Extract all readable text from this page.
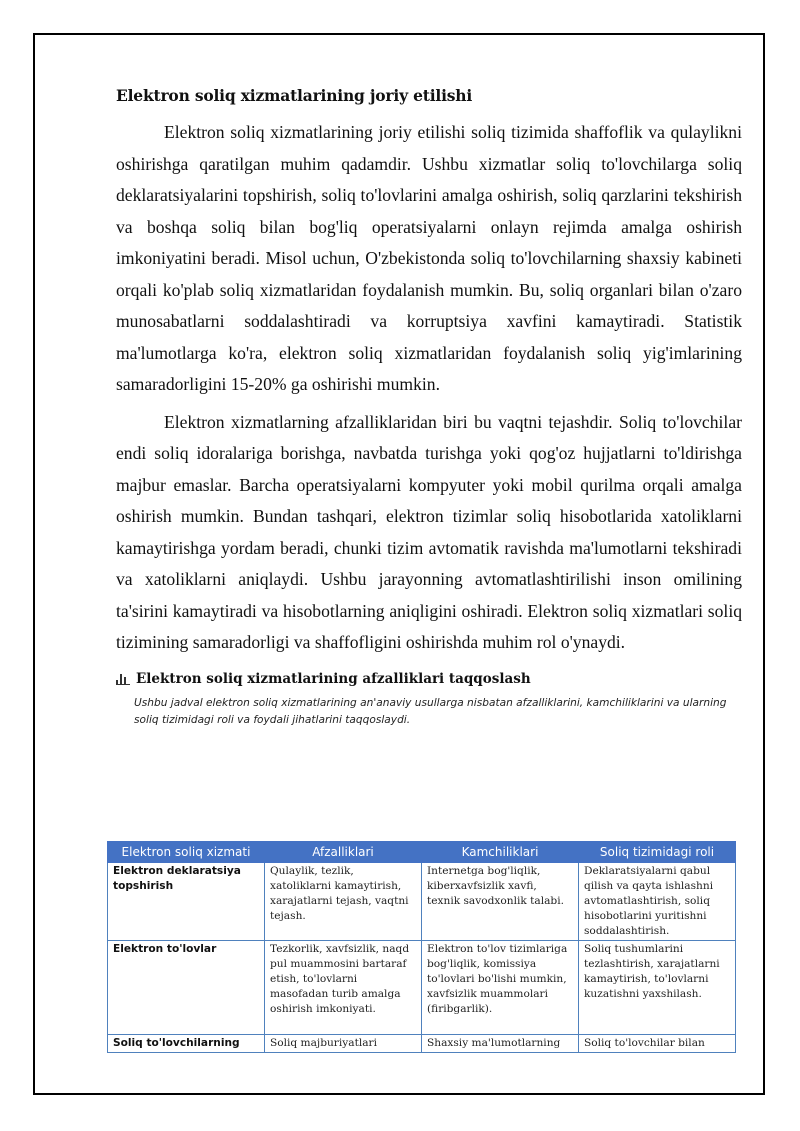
Elektron soliq xizmatlarining joriy etilishi

Elektron soliq xizmatlarining joriy etilishi soliq tizimida shaffoflik va qulaylikni oshirishga qaratilgan muhim qadamdir. Ushbu xizmatlar soliq to'lovchilarga soliq deklaratsiyalarini topshirish, soliq to'lovlarini amalga oshirish, soliq qarzlarini tekshirish va boshqa soliq bilan bog'liq operatsiyalarni onlayn rejimda amalga oshirish imkoniyatini beradi. Misol uchun, O'zbekistonda soliq to'lovchilarning shaxsiy kabineti orqali ko'plab soliq xizmatlaridan foydalanish mumkin. Bu, soliq organlari bilan o'zaro munosabatlarni soddalashtiradi va korruptsiya xavfini kamaytiradi. Statistik ma'lumotlarga ko'ra, elektron soliq xizmatlaridan foydalanish soliq yig'imlarining samaradorligini 15-20% ga oshirishi mumkin.

Elektron xizmatlarning afzalliklaridan biri bu vaqtni tejashdir. Soliq to'lovchilar endi soliq idoralariga borishga, navbatda turishga yoki qog'oz hujjatlarni to'ldirishga majbur emaslar. Barcha operatsiyalarni kompyuter yoki mobil qurilma orqali amalga oshirish mumkin. Bundan tashqari, elektron tizimlar soliq hisobotlarida xatoliklarni kamaytirishga yordam beradi, chunki tizim avtomatik ravishda ma'lumotlarni tekshiradi va xatoliklarni aniqlaydi. Ushbu jarayonning avtomatlashtirilishi inson omilining ta'sirini kamaytiradi va hisobotlarning aniqligini oshiradi. Elektron soliq xizmatlari soliq tizimining samaradorligi va shaffofligini oshirishda muhim rol o'ynaydi.

Elektron soliq xizmatlarining afzalliklari taqqoslash
Ushbu jadval elektron soliq xizmatlarining an'anaviy usullarga nisbatan afzalliklarini, kamchiliklarini va ularning soliq tizimidagi roli va foydali jihatlarini taqqoslaydi.
Elektron soliq xizmati	Afzalliklari	Kamchiliklari	Soliq tizimidagi roli
Elektron deklaratsiya topshirish	Qulaylik, tezlik, xatoliklarni kamaytirish, xarajatlarni tejash, vaqtni tejash.	Internetga bog'liqlik, kiberxavfsizlik xavfi, texnik savodxonlik talabi.	Deklaratsiyalarni qabul qilish va qayta ishlashni avtomatlashtirish, soliq hisobotlarini yuritishni soddalashtirish.
Elektron to'lovlar	Tezkorlik, xavfsizlik, naqd pul muammosini bartaraf etish, to'lovlarni masofadan turib amalga oshirish imkoniyati.	Elektron to'lov tizimlariga bog'liqlik, komissiya to'lovlari bo'lishi mumkin, xavfsizlik muammolari (firibgarlik).	Soliq tushumlarini tezlashtirish, xarajatlarni kamaytirish, to'lovlarni kuzatishni yaxshilash.
Soliq to'lovchilarning	Soliq majburiyatlari	Shaxsiy ma'lumotlarning	Soliq to'lovchilar bilan
